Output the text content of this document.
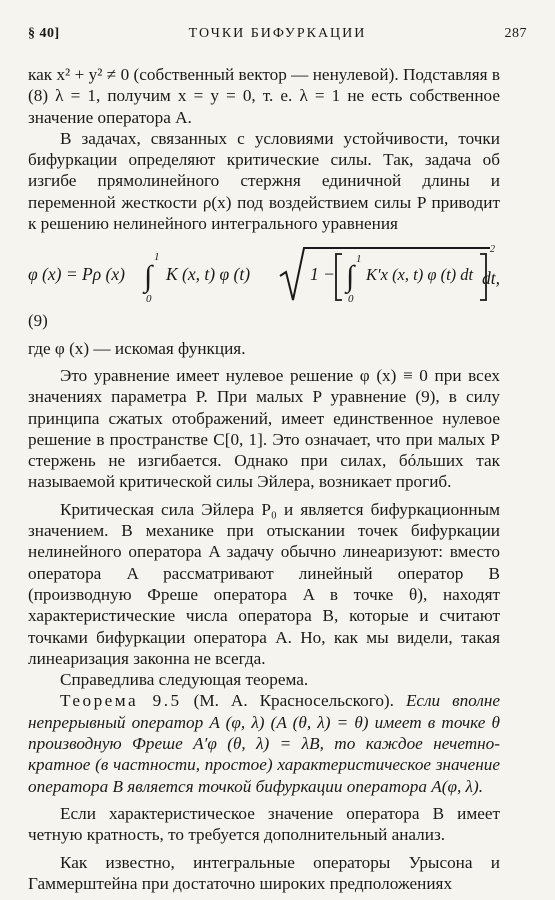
§ 40]	ТОЧКИ БИФУРКАЦИИ	287

как x² + y² ≠ 0 (собственный вектор — ненулевой). Подставляя в (8) λ = 1, получим x = y = 0, т. е. λ = 1 не есть собственное значение оператора A.

В задачах, связанных с условиями устойчивости, точки бифуркации определяют критические силы. Так, задача об изгибе прямолинейного стержня единичной длины и переменной жесткости ρ(x) под воздействием силы P приводит к решению нелинейного интегрального уравнения

φ (x) = Pρ (x) ∫
1
0
K (x, t) φ (t)	1 − ∫
1
0
K′x (x, t) φ (t) dt
2
dt,

(9)

где φ (x) — искомая функция.

Это уравнение имеет нулевое решение φ (x) ≡ 0 при всех значениях параметра P. При малых P уравнение (9), в силу принципа сжатых отображений, имеет единственное нулевое решение в пространстве C[0, 1]. Это означает, что при малых P стержень не изгибается. Однако при силах, бóльших так называемой критической силы Эйлера, возникает прогиб.

Критическая сила Эйлера P₀ и является бифуркационным значением. В механике при отыскании точек бифуркации нелинейного оператора A задачу обычно линеаризуют: вместо оператора A рассматривают линейный оператор B (производную Фреше оператора A в точке θ), находят характеристические числа оператора B, которые и считают точками бифуркации оператора A. Но, как мы видели, такая линеаризация законна не всегда.

Справедлива следующая теорема.

Теорема 9.5 (М. А. Красносельского). Если вполне непрерывный оператор A (φ, λ) (A (θ, λ) = θ) имеет в точке θ производную Фреше A′φ (θ, λ) = λB, то каждое нечетно-кратное (в частности, простое) характеристическое значение оператора B является точкой бифуркации оператора A(φ, λ).

Если характеристическое значение оператора B имеет четную кратность, то требуется дополнительный анализ.

Как известно, интегральные операторы Урысона и Гаммерштейна при достаточно широких предположениях
